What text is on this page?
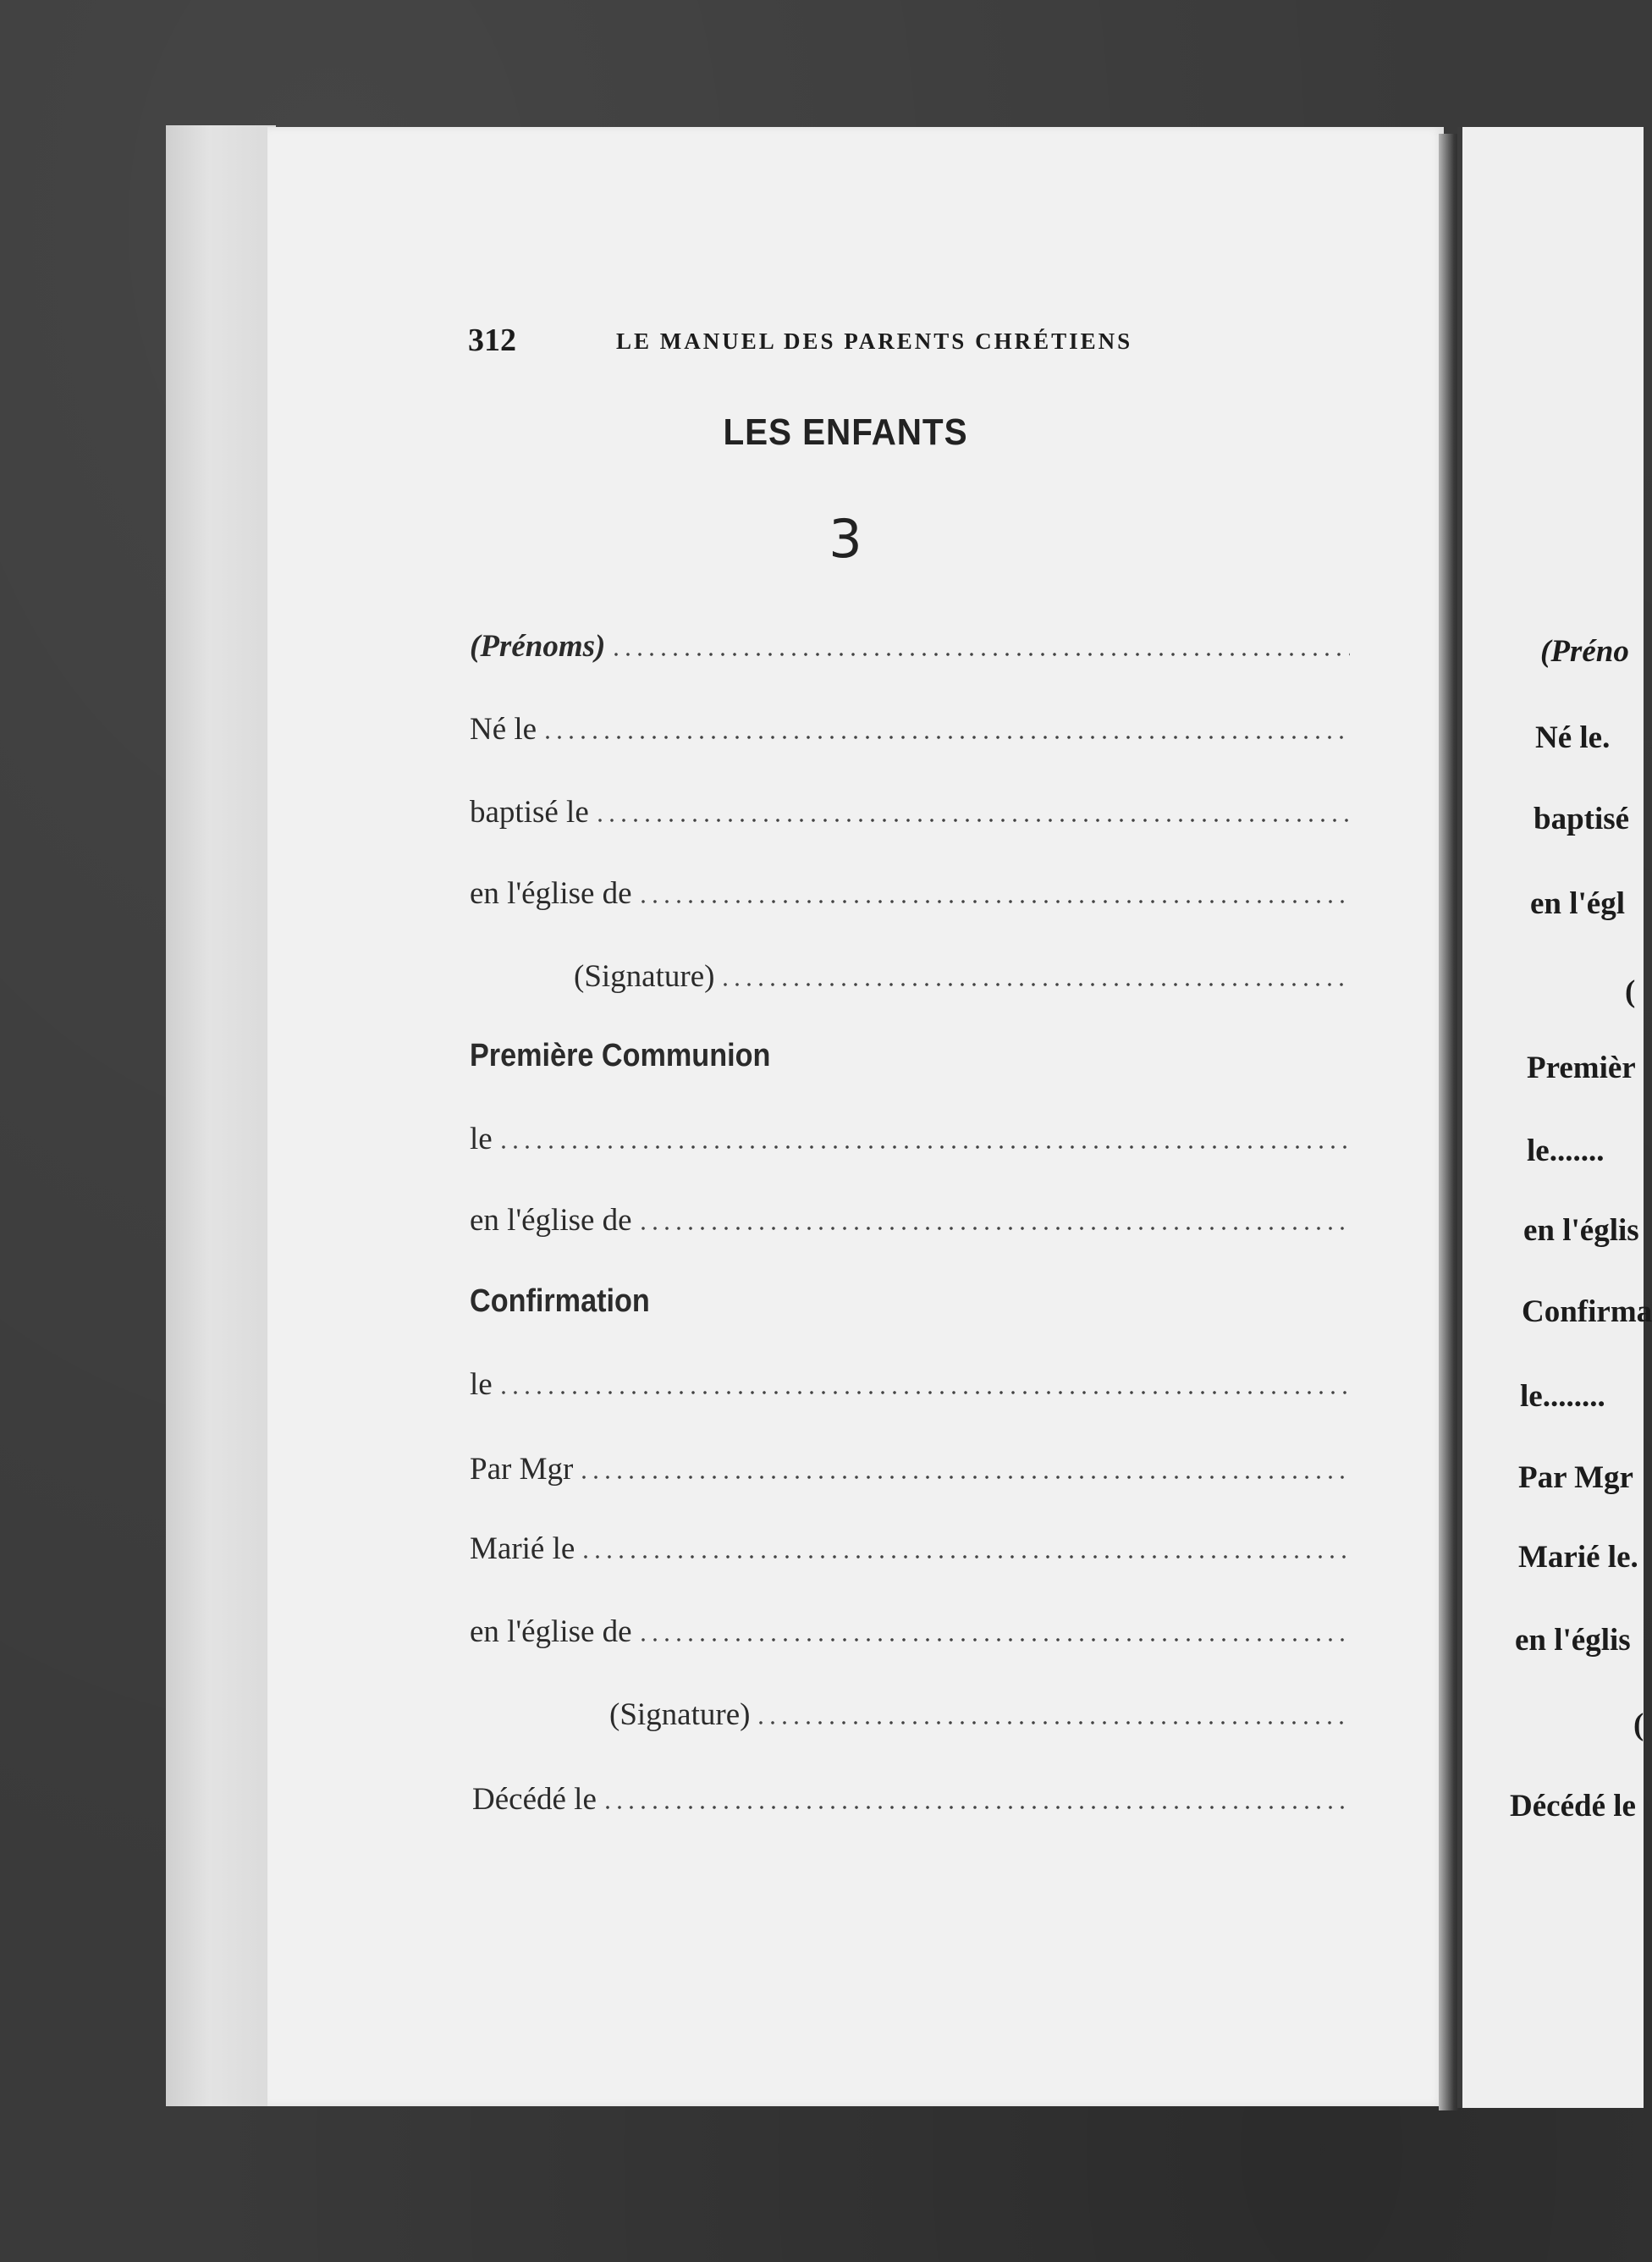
312	LE MANUEL DES PARENTS CHRÉTIENS
LES ENFANTS
3
(Prénoms)
Né le
baptisé le
en l'église de
(Signature)
Première Communion
le
en l'église de
Confirmation
le
Par Mgr
Marié le
en l'église de
(Signature)
Décédé le
(Préno
Né le.
baptisé
en l'égl
(
Premièr
le.......
en l'églis
Confirma
le........
Par Mgr
Marié le.
en l'églis
(
Décédé le
